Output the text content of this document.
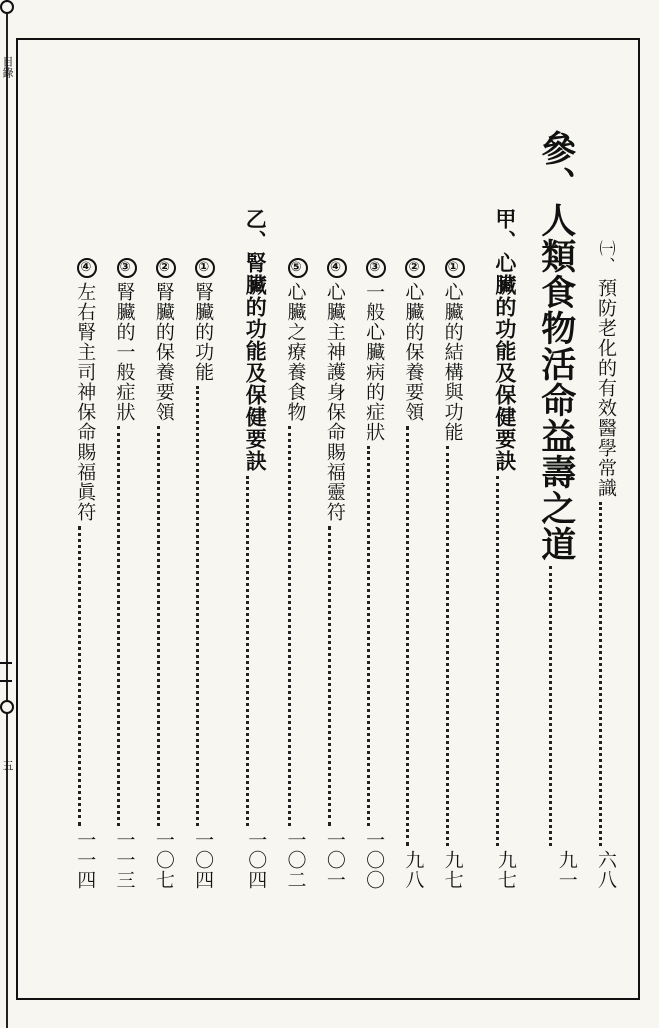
目錄
五
㈠、預防老化的有效醫學常識
六八
參、人類食物活命益壽之道
九一
甲、心臟的功能及保健要訣
九七
①心臟的結構與功能
九七
②心臟的保養要領
九八
③一般心臟病的症狀
一〇〇
④心臟主神護身保命賜福靈符
一〇一
⑤心臟之療養食物
一〇二
乙、腎臟的功能及保健要訣
一〇四
①腎臟的功能
一〇四
②腎臟的保養要領
一〇七
③腎臟的一般症狀
一一三
④左右腎主司神保命賜福眞符
一一四
